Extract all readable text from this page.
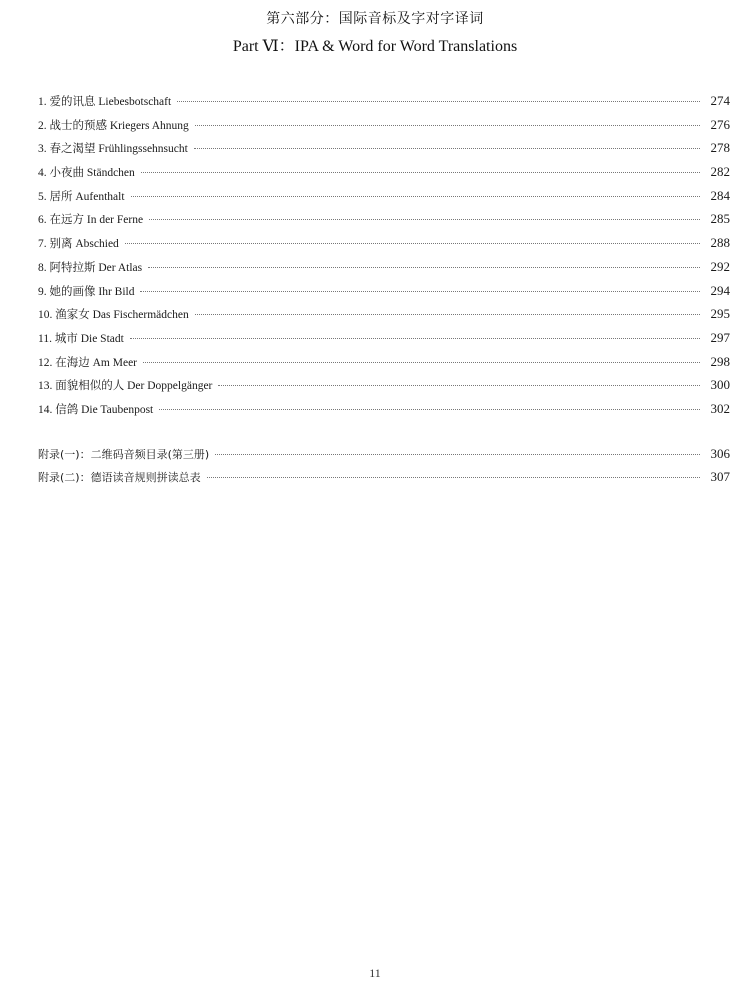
第六部分：国际音标及字对字译词
Part Ⅵ：IPA & Word for Word Translations
1. 爱的讯息 Liebesbotschaft	274
2. 战士的预感 Kriegers Ahnung	276
3. 春之渴望 Frühlingssehnsucht	278
4. 小夜曲 Ständchen	282
5. 居所 Aufenthalt	284
6. 在远方 In der Ferne	285
7. 别离 Abschied	288
8. 阿特拉斯 Der Atlas	292
9. 她的画像 Ihr Bild	294
10. 渔家女 Das Fischermädchen	295
11. 城市 Die Stadt	297
12. 在海边 Am Meer	298
13. 面貌相似的人 Der Doppelgänger	300
14. 信鸽 Die Taubenpost	302
附录(一)：二维码音频目录(第三册)	306
附录(二)：德语读音规则拼读总表	307
11
